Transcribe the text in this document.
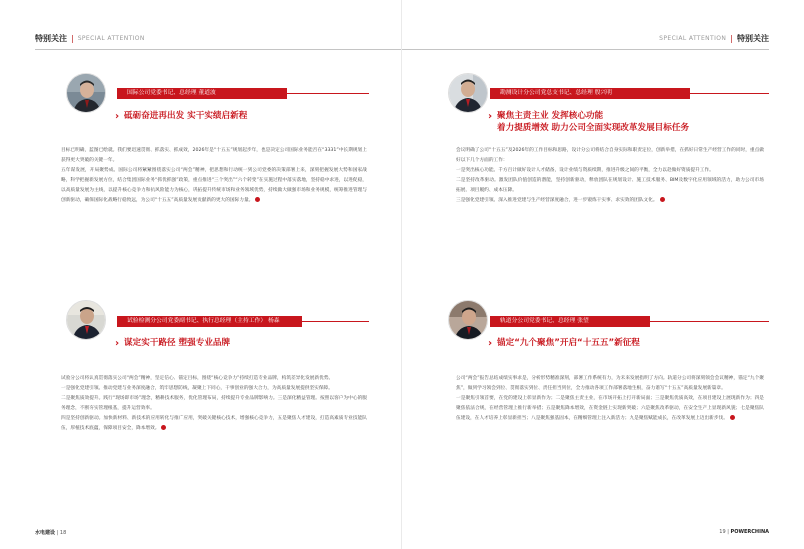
特别关注 | SPECIAL ATTENTION
国际公司党委书记、总经理 董道波
› 砥砺奋进再出发 实干实绩启新程

目标已明确，蓝图已绘就。我们要迅速贯彻、抓落实、抓成效，2026年是“十五五”规划起步年，也是决定公司国际业务能否在“3331”中长期规划上获得更大突破的关键一年。

五年谋发展，开局聚势成。国际公司将紧紧围绕落实公司“两会”精神，把思想和行动统一到公司党委的决策部署上来，深刻把握发展大势和国家战略，科学把握新发展方位，结合集团国际业务“抓优抓强”政策，重点推进“三个突出”“六个转变”在实施过程中落实落地，坚持稳中求进，以进促稳，以高质量发展为主线，以提升核心竞争力和抗风险能力为核心，巩拓提升传统市场和业务领域优势，持续做大做强市场和业务规模，统筹推进管理与创新驱动，确保国际化战略行稳致远，为公司“十五五”高质量发展贡献新的更大的国际力量。

试验检测分公司党委副书记、执行总经理（主持工作） 杨森
› 谋定实干路径 塑强专业品牌

试验分公司将认真贯彻落实公司“两会”精神，坚定信心、锚定目标，围绕“核心竞争力”持续打造专业品牌，构筑差异化发展新优势。

一是强化党建引领。推动党建与业务深度融合，筑牢思想防线，凝聚上下同心，干事创业的强大合力，为高质量发展提供坚实保障。

二是聚焦质效提升。践行“现场即市场”理念，精耕技术服务，优化管理布局，持续提升专业品牌影响力。三是深化精益管理。按照以客户为中心的服务理念，不断夯实管理根基，提升运营效率。

四是坚持创新驱动。加快新材料、新技术的应用转化与推广应用，突破关键核心技术，增强核心竞争力，五是聚焦人才建设，打造高素质专业技能队伍，厚植技术底蕴，保障项目安全，降本增效。

水电建设 | 18
SPECIAL ATTENTION | 特别关注
勘测设计分公司党总支书记、总经理 殷兴明
› 聚焦主责主业 发挥核心功能
着力提质增效 助力公司全面实现改革发展目标任务

会议明确了公司“十五五”及2026年的工作目标和思路，设计分公司将结合自身实际和职责定位，创新举措，在抓好日常生产经营工作的同时，重点做好以下几个方面的工作：

一是突出核心功能。千方百计做好设计人才储备，设计业绩与资质续期，推进升级之间的平衡，全力以赴做好资质提升工作。

二是坚持改革驱动。激发团队价值创造的潜能，坚持创新驱动，释放团队在规划设计、施工技术服务、BIM及数字化应用领域的活力，助力公司市场拓展、项目履约、成本压降。

三是强化党建引领。深入推进党建与生产经营深度融合，进一步锻炼干实事、求实效的团队文化。

轨道分公司党委书记、总经理 张望
› 锚定“九个聚焦”开启“十五五”新征程

公司“两会”报告总结成绩实事求是，分析形势精准深刻，部署工作系统有力，为未来发展指明了方向。轨道分公司将深刻领会会议精神，锚定“九个聚焦”，做到学习领会到位、贯彻落实到位、责任担当到位，全力推动各项工作部署落地生根，奋力谱写“十五五”高质量发展新篇章。

一是聚焦引领首要，在党的建设上彰显新作为；二是聚焦主责主业，在市场开拓上打开新局面；三是聚焦优质高效，在项目建设上展现新作为；四是聚焦依法合规，在经营管理上推行新举措；五是聚焦降本增效，在资金链上实现新突破；六是聚焦改革驱动，在安全生产上显现新风貌；七是聚焦队伍建设，在人才培养上彰显新担当；八是聚焦强基固本，在精细管理上注入新活力；九是聚焦赋能成长，在改革发展上迈出新步伐。

19 | POWERCHINA
